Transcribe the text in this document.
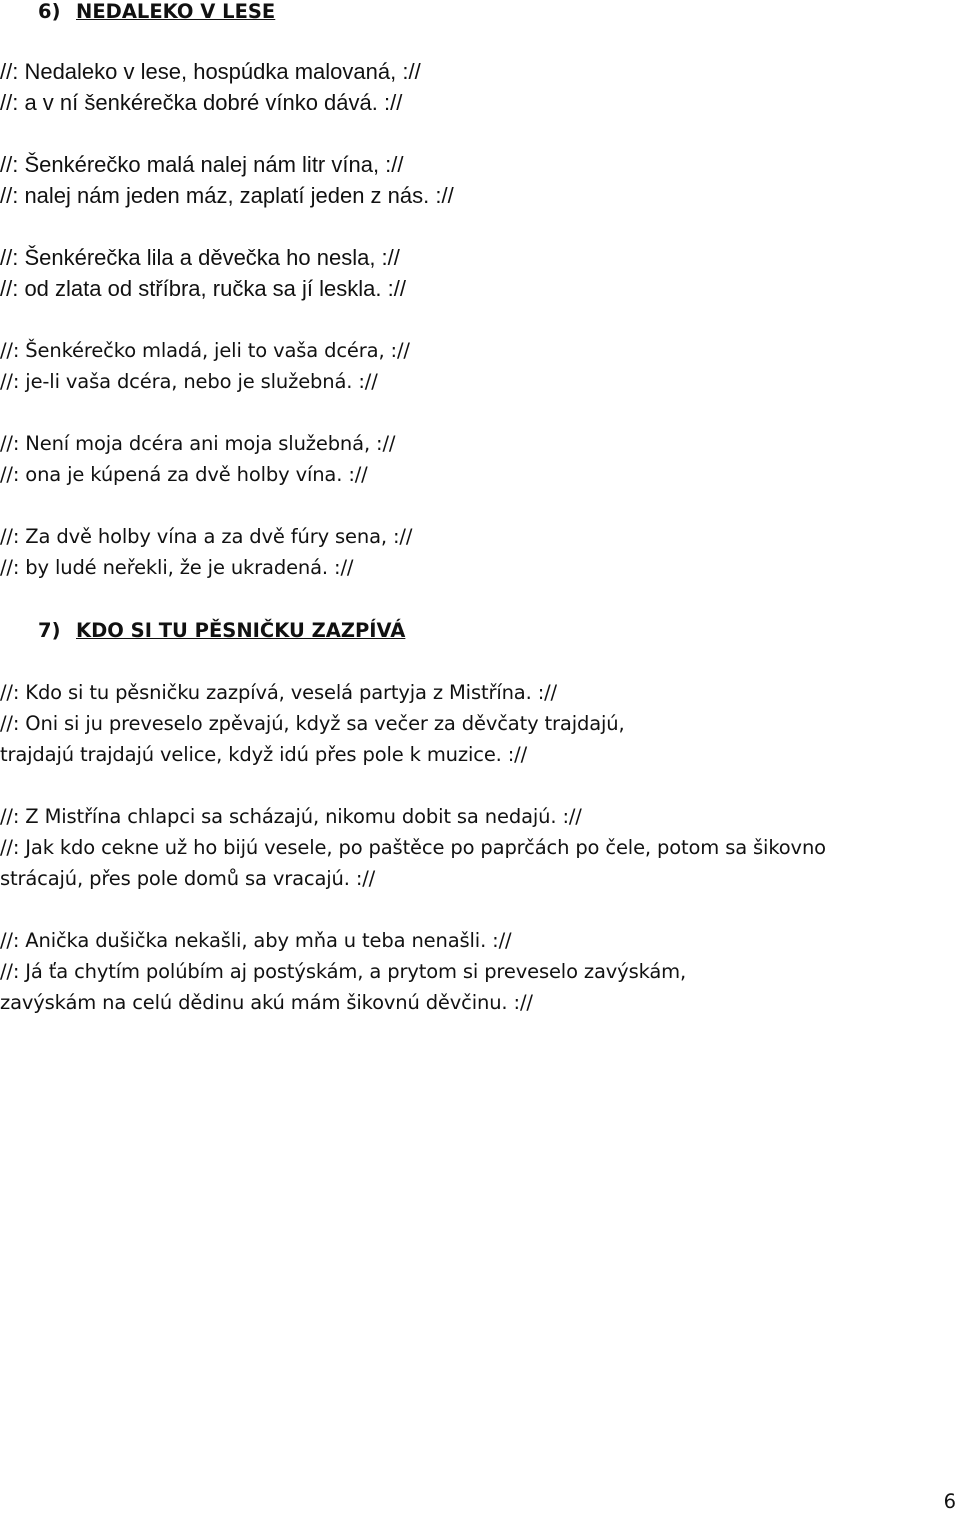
6) NEDALEKO V LESE
//: Nedaleko v lese, hospúdka malovaná, ://
//: a v ní šenkérečka dobré vínko dává. ://
//: Šenkérečko malá nalej nám litr vína, ://
//: nalej nám jeden máz, zaplatí jeden z nás. ://
//: Šenkérečka lila a děvečka ho nesla, ://
//: od zlata od stříbra, ručka sa jí leskla. ://
//: Šenkérečko mladá, jeli to vaša dcéra, ://
//: je-li vaša dcéra, nebo je služebná. ://
//: Není moja dcéra ani moja služebná, ://
//: ona je kúpená za dvě holby vína. ://
//: Za dvě holby vína a za dvě fúry sena, ://
//: by ludé neřekli, že je ukradená. ://
7) KDO SI TU PĚSNIČKU ZAZPÍVÁ
//: Kdo si tu pěsničku zazpívá, veselá partyja z Mistřína. ://
//: Oni si ju preveselo zpěvajú, když sa večer za děvčaty trajdajú,
trajdajú trajdajú velice, když idú přes pole k muzice. ://
//: Z Mistřína chlapci sa scházajú, nikomu dobit sa nedajú. ://
//: Jak kdo cekne už ho bijú vesele, po paštěce po paprčách po čele, potom sa šikovno
strácajú, přes pole domů sa vracajú. ://
//: Anička dušička nekašli, aby mňa u teba nenašli. ://
//: Já ťa chytím polúbím aj postýskám, a prytom si preveselo zavýskám,
zavýskám na celú dědinu akú mám šikovnú děvčinu. ://
6
